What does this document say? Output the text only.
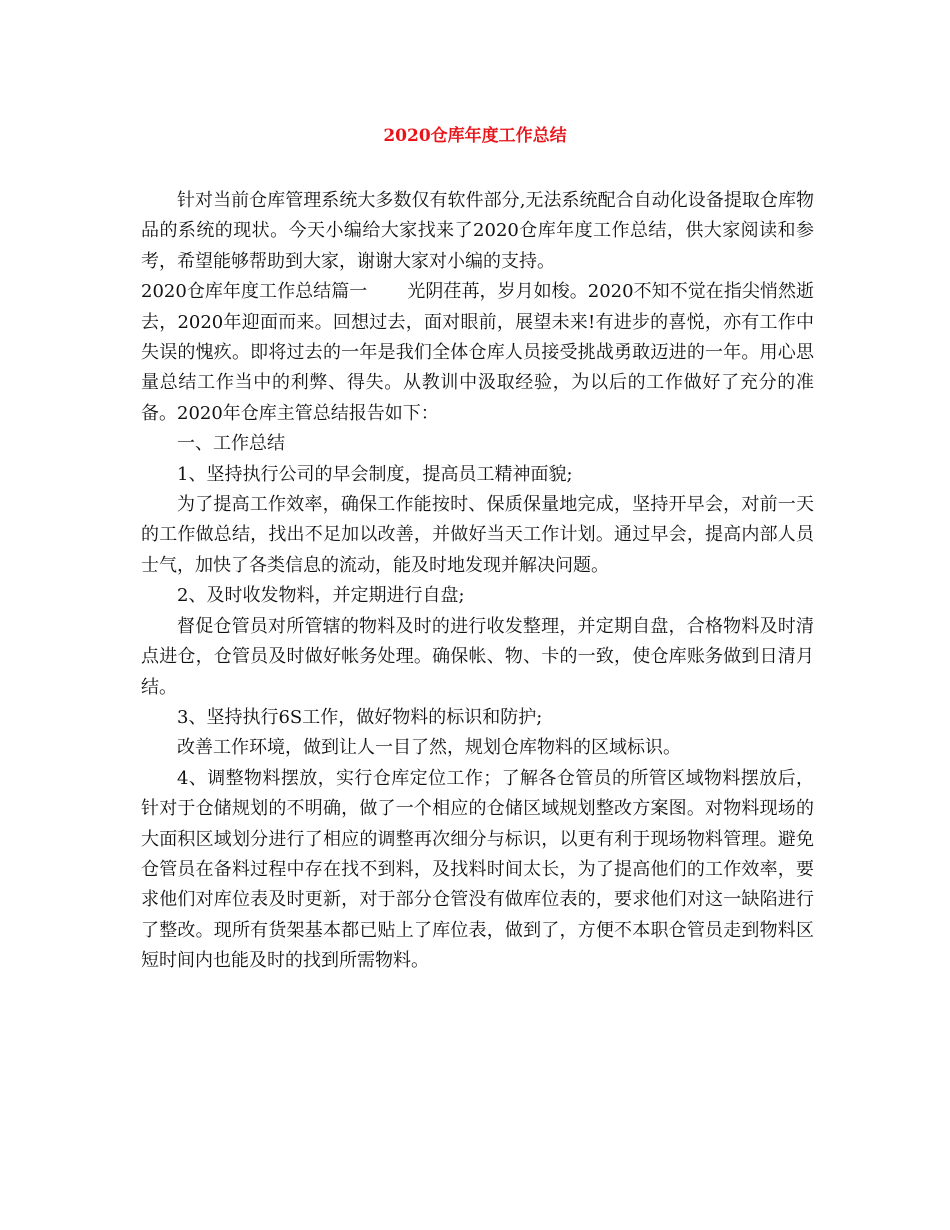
2020仓库年度工作总结

针对当前仓库管理系统大多数仅有软件部分,无法系统配合自动化设备提取仓库物品的系统的现状。今天小编给大家找来了2020仓库年度工作总结，供大家阅读和参考，希望能够帮助到大家，谢谢大家对小编的支持。

2020仓库年度工作总结篇一 光阴荏苒，岁月如梭。2020不知不觉在指尖悄然逝去，2020年迎面而来。回想过去，面对眼前，展望未来!有进步的喜悦，亦有工作中失误的愧疚。即将过去的一年是我们全体仓库人员接受挑战勇敢迈进的一年。用心思量总结工作当中的利弊、得失。从教训中汲取经验，为以后的工作做好了充分的准备。2020年仓库主管总结报告如下：

一、工作总结

1、坚持执行公司的早会制度，提高员工精神面貌;

为了提高工作效率，确保工作能按时、保质保量地完成，坚持开早会，对前一天的工作做总结，找出不足加以改善，并做好当天工作计划。通过早会，提高内部人员士气，加快了各类信息的流动，能及时地发现并解决问题。

2、及时收发物料，并定期进行自盘;

督促仓管员对所管辖的物料及时的进行收发整理，并定期自盘，合格物料及时清点进仓，仓管员及时做好帐务处理。确保帐、物、卡的一致，使仓库账务做到日清月结。

3、坚持执行6S工作，做好物料的标识和防护;

改善工作环境，做到让人一目了然，规划仓库物料的区域标识。

4、调整物料摆放，实行仓库定位工作；了解各仓管员的所管区域物料摆放后，针对于仓储规划的不明确，做了一个相应的仓储区域规划整改方案图。对物料现场的大面积区域划分进行了相应的调整再次细分与标识，以更有利于现场物料管理。避免仓管员在备料过程中存在找不到料，及找料时间太长，为了提高他们的工作效率，要求他们对库位表及时更新，对于部分仓管没有做库位表的，要求他们对这一缺陷进行了整改。现所有货架基本都已贴上了库位表，做到了，方便不本职仓管员走到物料区短时间内也能及时的找到所需物料。
